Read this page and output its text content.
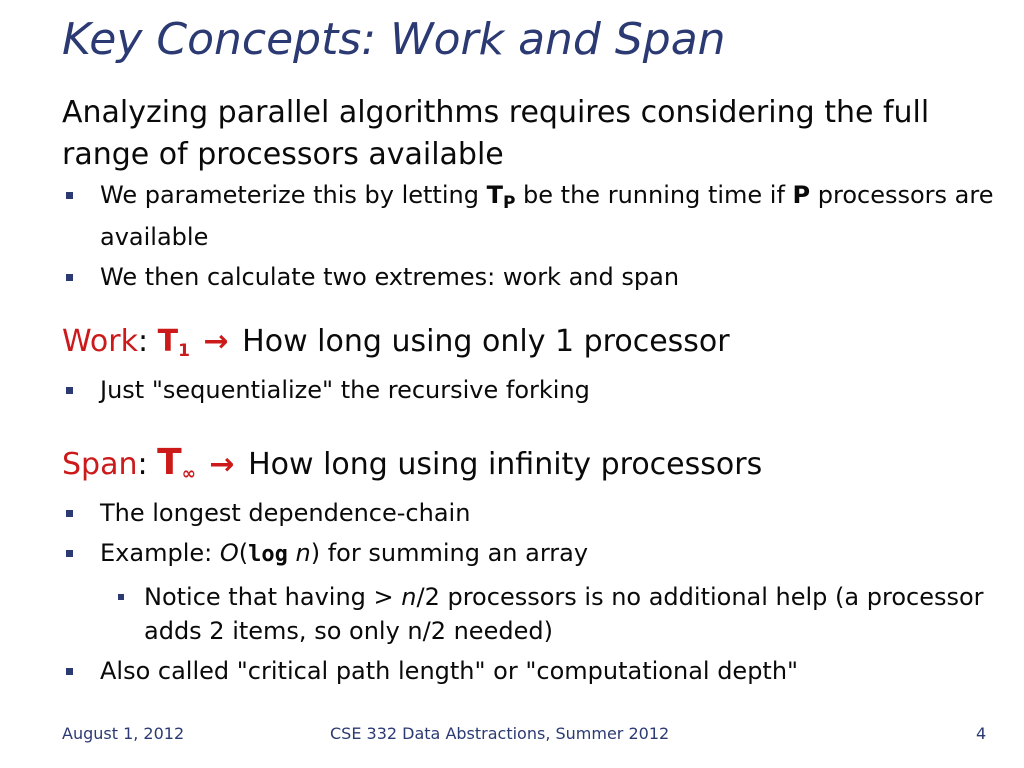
Key Concepts: Work and Span

Analyzing parallel algorithms requires considering the full range of processors available

We parameterize this by letting $T_P$ be the running time if P processors are available
We then calculate two extremes: work and span

Work: $T_1$ → How long using only 1 processor

Just "sequentialize" the recursive forking

Span: $T_\infty$ → How long using infinity processors

The longest dependence-chain
Example: O(log n) for summing an array
Notice that having > n/2 processors is no additional help (a processor adds 2 items, so only n/2 needed)
Also called "critical path length" or "computational depth"
August 1, 2012	CSE 332 Data Abstractions, Summer 2012	4
